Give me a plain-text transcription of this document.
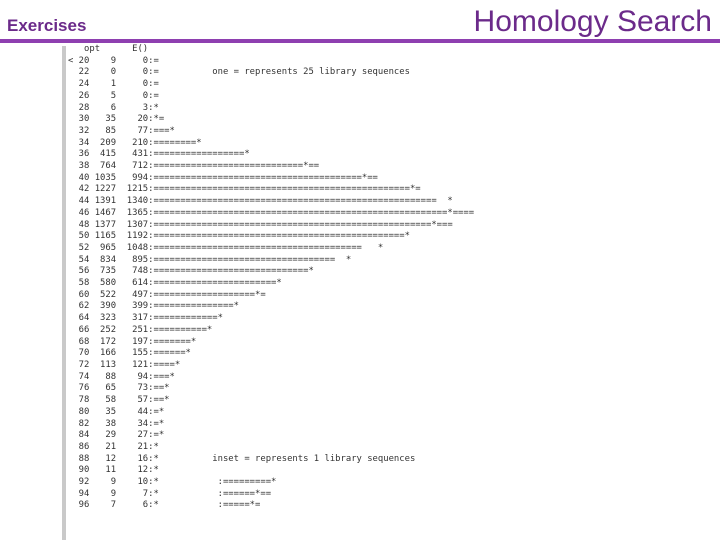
Exercises	Homology Search
opt      E()
< 20    9     0:=
22    0     0:=          one = represents 25 library sequences
24    1     0:=
26    5     0:=
28    6     3:*
30   35    20:*=
32   85    77:===*
34  209   210:========*
36  415   431:=================*
38  764   712:============================*==
40 1035   994:=======================================*==
42 1227  1215:================================================*=
44 1391  1340:=====================================================  *
46 1467  1365:=======================================================*====
48 1377  1307:====================================================*===
50 1165  1192:===============================================*
52  965  1048:=======================================   *
54  834   895:==================================  *
56  735   748:=============================*
58  580   614:=======================*
60  522   497:===================*=
62  390   399:===============*
64  323   317:============*
66  252   251:==========*
68  172   197:=======*
70  166   155:======*
72  113   121:====*
74   88    94:===*
76   65    73:==*
78   58    57:==*
80   35    44:=*
82   38    34:=*
84   29    27:=*
86   21    21:*
88   12    16:*          inset = represents 1 library sequences
90   11    12:*
92    9    10:*           :=========*
94    9     7:*           :======*==
96    7     6:*           :=====*=
